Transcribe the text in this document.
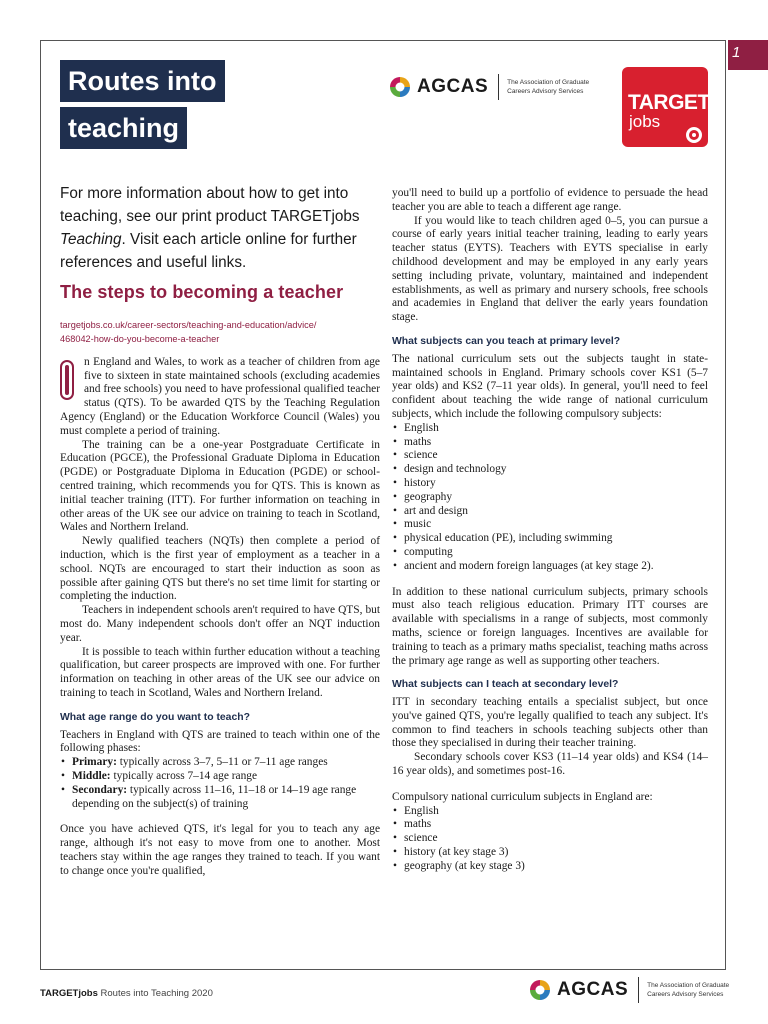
1
Routes into
teaching
AGCAS	The Association of Graduate Careers Advisory Services	TARGET
jobs
For more information about how to get into teaching, see our print product TARGETjobs Teaching. Visit each article online for further references and useful links.
The steps to becoming a teacher
targetjobs.co.uk/career-sectors/teaching-and-education/advice/
468042-how-do-you-become-a-teacher

n England and Wales, to work as a teacher of children from age five to sixteen in state maintained schools (excluding academies and free schools) you need to have professional qualified teacher status (QTS). To be awarded QTS by the Teaching Regulation Agency (England) or the Education Workforce Council (Wales) you must complete a period of training.

The training can be a one-year Postgraduate Certificate in Education (PGCE), the Professional Graduate Diploma in Education (PGDE) or Postgraduate Diploma in Education (PGDE) or school-centred training, which recommends you for QTS. This is known as initial teacher training (ITT). For further information on teaching in other areas of the UK see our advice on training to teach in Scotland, Wales and Northern Ireland.

Newly qualified teachers (NQTs) then complete a period of induction, which is the first year of employment as a teacher in a school. NQTs are encouraged to start their induction as soon as possible after gaining QTS but there's no set time limit for starting or completing the induction.

Teachers in independent schools aren't required to have QTS, but most do. Many independent schools don't offer an NQT induction year.

It is possible to teach within further education without a teaching qualification, but career prospects are improved with one. For further information on teaching in other areas of the UK see our advice on training to teach in Scotland, Wales and Northern Ireland.

What age range do you want to teach?

Teachers in England with QTS are trained to teach within one of the following phases:

• Primary: typically across 3–7, 5–11 or 7–11 age ranges
• Middle: typically across 7–14 age range
• Secondary: typically across 11–16, 11–18 or 14–19 age range depending on the subject(s) of training

Once you have achieved QTS, it's legal for you to teach any age range, although it's not easy to move from one to another. Most teachers stay within the age ranges they trained to teach. If you want to change once you're qualified,

you'll need to build up a portfolio of evidence to persuade the head teacher you are able to teach a different age range.

If you would like to teach children aged 0–5, you can pursue a course of early years initial teacher training, leading to early years teacher status (EYTS). Teachers with EYTS specialise in early childhood development and may be employed in any early years setting including private, voluntary, maintained and independent establishments, as well as primary and nursery schools, free schools and academies in England that deliver the early years foundation stage.

What subjects can you teach at primary level?

The national curriculum sets out the subjects taught in state-maintained schools in England. Primary schools cover KS1 (5–7 year olds) and KS2 (7–11 year olds). In general, you'll need to feel confident about teaching the wide range of national curriculum subjects, which include the following compulsory subjects:

• English
• maths
• science
• design and technology
• history
• geography
• art and design
• music
• physical education (PE), including swimming
• computing
• ancient and modern foreign languages (at key stage 2).

In addition to these national curriculum subjects, primary schools must also teach religious education. Primary ITT courses are available with specialisms in a range of subjects, most commonly maths, science or foreign languages. Incentives are available for training to teach as a primary maths specialist, teaching maths across the primary age range as well as supporting other teachers.

What subjects can I teach at secondary level?

ITT in secondary teaching entails a specialist subject, but once you've gained QTS, you're legally qualified to teach any subject. It's common to find teachers in schools teaching subjects other than those they specialised in during their teacher training.

Secondary schools cover KS3 (11–14 year olds) and KS4 (14–16 year olds), and sometimes post-16.

Compulsory national curriculum subjects in England are:

• English
• maths
• science
• history (at key stage 3)
• geography (at key stage 3)
TARGETjobs Routes into Teaching 2020	AGCAS	The Association of Graduate Careers Advisory Services
